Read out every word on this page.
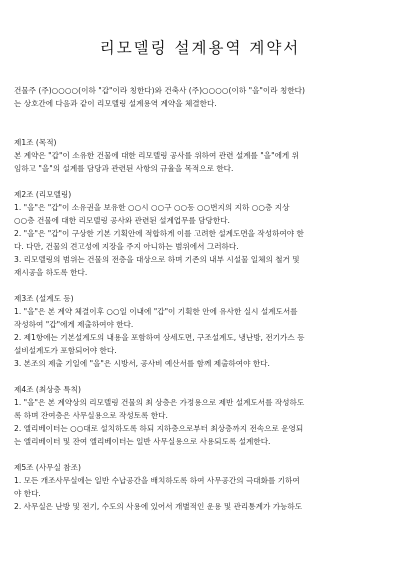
리모델링 설계용역 계약서

건물주 (주)○○○○(이하 "갑"이라 칭한다)와 건축사 (주)○○○○(이하 "을"이라 칭한다)

는 상호간에 다음과 같이 리모델링 설계용역 계약을 체결한다.

제1조 (목적)

본 계약은 "갑"이 소유한 건물에 대한 리모델링 공사를 위하여 관련 설계를 "을"에게 위

임하고 "을"의 설계를 담당과 관련된 사항의 규율을 목적으로 한다.

제2조 (리모델링)

1. "을"은 "갑"이 소유권을 보유한 ○○시 ○○구 ○○동 ○○번지의 지하 ○○층 지상

○○층 건물에 대한 리모델링 공사와 관련된 설계업무를 담당한다.

2. "을"은 "갑"이 구상한 기본 기획안에 적합하게 이를 고려한 설계도면을 작성하여야 한

다. 다만, 건물의 견고성에 지장을 주지 아니하는 범위에서 그러하다.

3. 리모델링의 범위는 건물의 전층을 대상으로 하며 기존의 내부 시설물 일체의 철거 및

재시공을 하도록 한다.

제3조 (설계도 등)

1. "을"은 본 계약 체결이후 ○○일 이내에 "갑"이 기획한 안에 유사한 실시 설계도서를

작성하여 "갑"에게 제출하여야 한다.

2. 제1항에는 기본설계도의 내용을 포함하여 상세도면, 구조설계도, 냉난방, 전기가스 등

설비설계도가 포함되어야 한다.

3. 본조의 제출 기일에 "을"은 시방서, 공사비 예산서를 함께 제출하여야 한다.

제4조 (최상층 특칙)

1. "을"은 본 계약상의 리모델링 건물의 최 상층은 가정용으로 제반 설계도서를 작성하도

록 하며 잔여층은 사무실용으로 작성토록 한다.

2. 엘리베이터는 ○○대로 설치하도록 하되 지하층으로부터 최상층까지 전속으로 운영되

는 엘리베이터 및 잔여 엘리베이터는 일반 사무실용으로 사용되도록 설계한다.

제5조 (사무실 참조)

1. 모든 개조사무실에는 일반 수납공간을 배치하도록 하여 사무공간의 극대화를 기하여

야 한다.

2. 사무실은 난방 및 전기, 수도의 사용에 있어서 개별적인 운용 및 관리통계가 가능하도
